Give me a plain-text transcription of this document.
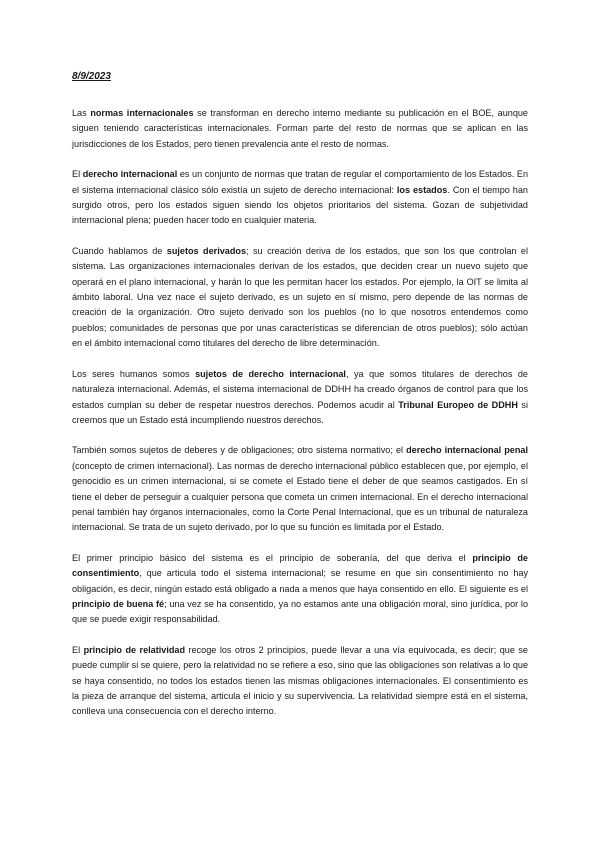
8/9/2023

Las normas internacionales se transforman en derecho interno mediante su publicación en el BOE, aunque siguen teniendo características internacionales. Forman parte del resto de normas que se aplican en las jurisdicciones de los Estados, pero tienen prevalencia ante el resto de normas.

El derecho internacional es un conjunto de normas que tratan de regular el comportamiento de los Estados. En el sistema internacional clásico sólo existía un sujeto de derecho internacional: los estados. Con el tiempo han surgido otros, pero los estados siguen siendo los objetos prioritarios del sistema. Gozan de subjetividad internacional plena; pueden hacer todo en cualquier materia.

Cuando hablamos de sujetos derivados; su creación deriva de los estados, que son los que controlan el sistema. Las organizaciones internacionales derivan de los estados, que deciden crear un nuevo sujeto que operará en el plano internacional, y harán lo que les permitan hacer los estados. Por ejemplo, la OIT se limita al ámbito laboral. Una vez nace el sujeto derivado, es un sujeto en sí mismo, pero depende de las normas de creación de la organización. Otro sujeto derivado son los pueblos (no lo que nosotros entendemos como pueblos; comunidades de personas que por unas características se diferencian de otros pueblos); sólo actúan en el ámbito internacional como titulares del derecho de libre determinación.

Los seres humanos somos sujetos de derecho internacional, ya que somos titulares de derechos de naturaleza internacional. Además, el sistema internacional de DDHH ha creado órganos de control para que los estados cumplan su deber de respetar nuestros derechos. Podemos acudir al Tribunal Europeo de DDHH si creemos que un Estado está incumpliendo nuestros derechos.

También somos sujetos de deberes y de obligaciones; otro sistema normativo; el derecho internacional penal (concepto de crimen internacional). Las normas de derecho internacional público establecen que, por ejemplo, el genocidio es un crimen internacional, si se comete el Estado tiene el deber de que seamos castigados. En sí tiene el deber de perseguir a cualquier persona que cometa un crimen internacional. En el derecho internacional penal también hay órganos internacionales, como la Corte Penal Internacional, que es un tribunal de naturaleza internacional. Se trata de un sujeto derivado, por lo que su función es limitada por el Estado.

El primer principio básico del sistema es el principio de soberanía, del que deriva el principio de consentimiento, que articula todo el sistema internacional; se resume en que sin consentimiento no hay obligación, es decir, ningún estado está obligado a nada a menos que haya consentido en ello. El siguiente es el principio de buena fé; una vez se ha consentido, ya no estamos ante una obligación moral, sino jurídica, por lo que se puede exigir responsabilidad.

El principio de relatividad recoge los otros 2 principios, puede llevar a una vía equivocada, es decir; que se puede cumplir si se quiere, pero la relatividad no se refiere a eso, sino que las obligaciones son relativas a lo que se haya consentido, no todos los estados tienen las mismas obligaciones internacionales. El consentimiento es la pieza de arranque del sistema, articula el inicio y su supervivencia. La relatividad siempre está en el sistema, conlleva una consecuencia con el derecho interno.
